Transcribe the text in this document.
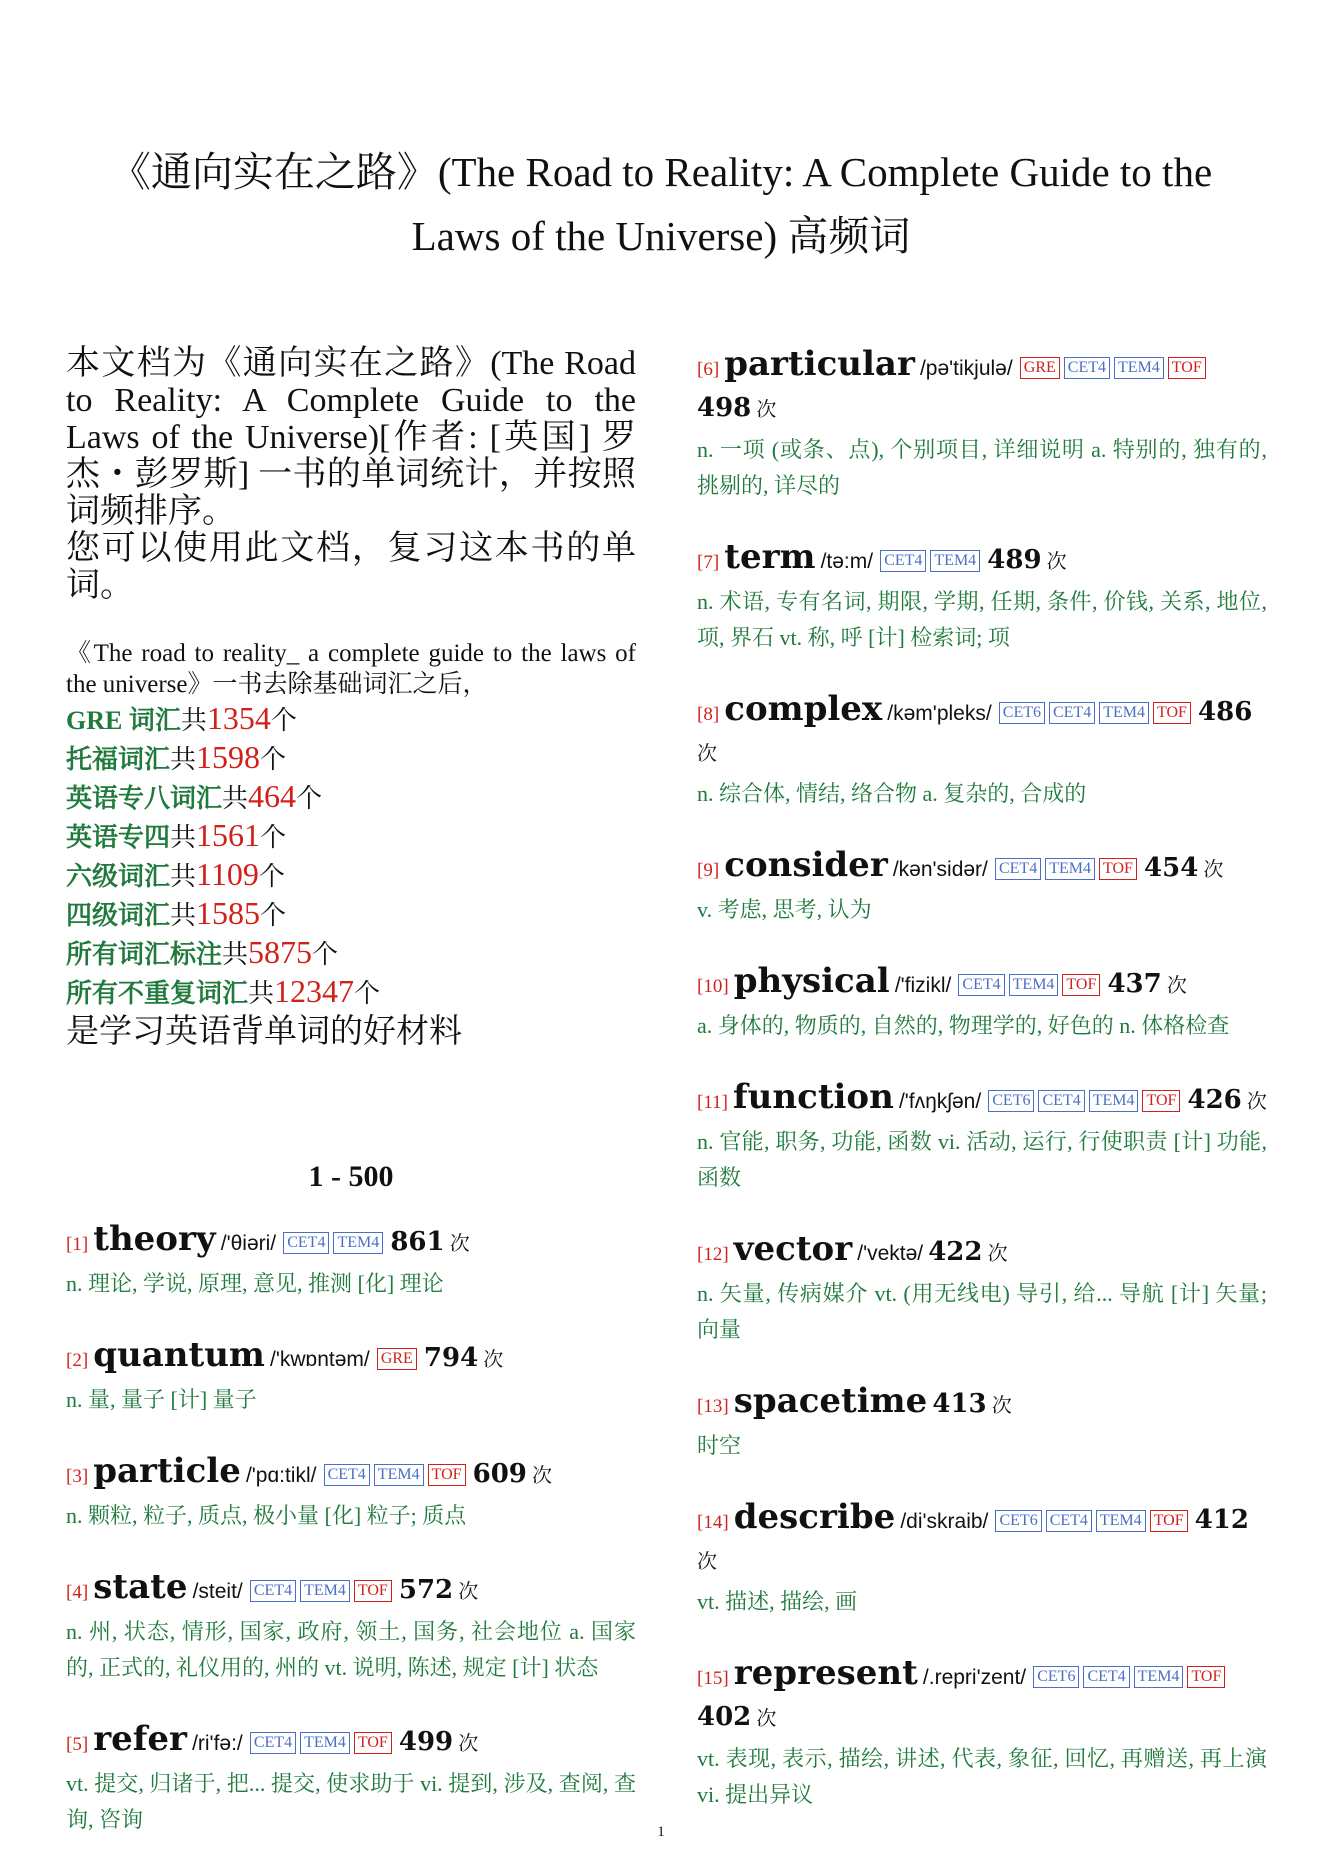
《通向实在之路》(The Road to Reality: A Complete Guide to the Laws of the Universe) 高频词

本文档为《通向实在之路》(The Road to Reality: A Complete Guide to the Laws of the Universe)[作者: [英国] 罗杰・彭罗斯] 一书的单词统计，并按照词频排序。

您可以使用此文档，复习这本书的单词。

《The road to reality_ a complete guide to the laws of the universe》一书去除基础词汇之后，
GRE 词汇共1354个
托福词汇共1598个
英语专八词汇共464个
英语专四共1561个
六级词汇共1109个
四级词汇共1585个
所有词汇标注共5875个
所有不重复词汇共12347个
是学习英语背单词的好材料
1 - 500
[1] theory /'θiəri/ CET4 TEM4 861 次
n. 理论, 学说, 原理, 意见, 推测 [化] 理论
[2] quantum /'kwɒntəm/ GRE 794 次
n. 量, 量子 [计] 量子
[3] particle /'pɑ:tikl/ CET4 TEM4 TOF 609 次
n. 颗粒, 粒子, 质点, 极小量 [化] 粒子; 质点
[4] state /steit/ CET4 TEM4 TOF 572 次
n. 州, 状态, 情形, 国家, 政府, 领土, 国务, 社会地位 a. 国家的, 正式的, 礼仪用的, 州的 vt. 说明, 陈述, 规定 [计] 状态
[5] refer /ri'fə:/ CET4 TEM4 TOF 499 次
vt. 提交, 归诸于, 把... 提交, 使求助于 vi. 提到, 涉及, 查阅, 查询, 咨询
[6] particular /pə'tikjulə/ GRE CET4 TEM4 TOF 498 次
n. 一项 (或条、点), 个别项目, 详细说明 a. 特别的, 独有的, 挑剔的, 详尽的
[7] term /tə:m/ CET4 TEM4 489 次
n. 术语, 专有名词, 期限, 学期, 任期, 条件, 价钱, 关系, 地位, 项, 界石 vt. 称, 呼 [计] 检索词; 项
[8] complex /kəm'pleks/ CET6 CET4 TEM4 TOF 486 次
n. 综合体, 情结, 络合物 a. 复杂的, 合成的
[9] consider /kən'sidər/ CET4 TEM4 TOF 454 次
v. 考虑, 思考, 认为
[10] physical /'fizikl/ CET4 TEM4 TOF 437 次
a. 身体的, 物质的, 自然的, 物理学的, 好色的 n. 体格检查
[11] function /'fʌŋkʃən/ CET6 CET4 TEM4 TOF 426 次
n. 官能, 职务, 功能, 函数 vi. 活动, 运行, 行使职责 [计] 功能, 函数
[12] vector /'vektə/ 422 次
n. 矢量, 传病媒介 vt. (用无线电) 导引, 给... 导航 [计] 矢量; 向量
[13] spacetime 413 次
时空
[14] describe /di'skraib/ CET6 CET4 TEM4 TOF 412 次
vt. 描述, 描绘, 画
[15] represent /.repri'zent/ CET6 CET4 TEM4 TOF 402 次
vt. 表现, 表示, 描绘, 讲述, 代表, 象征, 回忆, 再赠送, 再上演 vi. 提出异议
1
